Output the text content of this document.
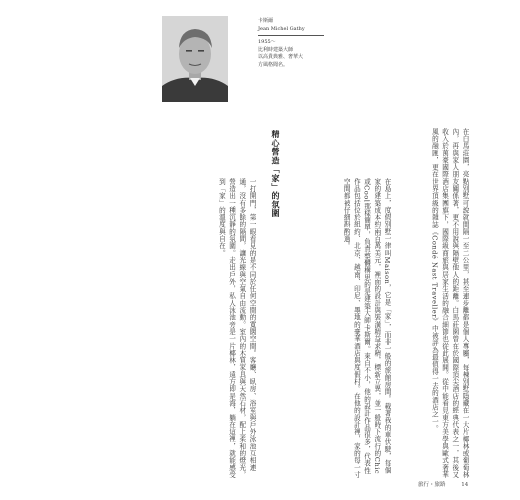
卡斯爾
Jean Michel Gathy
1955～
比利時建築大師
以高貴典雅、奢華大
方風格聞名。

在白馬莊園，亮點別墅可說就間隔一至二公里，甚至連步離都是個人專屬，每棟別墅隱藏在一大片椰林或葡萄林內，再與家人朋友關係著，更不用說與隔壁他人的距離。白馬莊園曾在於國際頂尖酒店的經典代表之一，其後又收入於萬豪國際酒店集團旗下，國際級商旅與居家生活的融合細節也從此展開。從中能看見東方美學與歐式奢華風的融匯，更在世界頂級的雜誌《Condé Nast Traveller》中被評為最值得一去的酒店之一。

精心營造「家」的氛圍

在島上，度假別墅一律叫Maison，它是「家」，而非一般的旅館房間。載著我的車伏駛，每個家的建築成本約兩百萬美元，裡面的設計與裝潢精益求精，標新立異，並一般時下流行的Chic或Cool那樣簡單，負責整體構思的是建築大師卡斯爾。來自不小，他的設計作品很多，代表性作品包括位於紐約、北京、越南、印尼、墨地的豪華酒店與度假村。在他的設計裡，家的每一寸空間都被仔細斟酌過。

一打開門，第一眼看見的是不同於任何空間的寬闊空間。客廳、臥房、浴室與戶外泳池互相連通，沒有多餘的隔間，讓光線與空氣自由流動。室內的木質家具與天然石材，配上柔和的燈光，營造出一種沉靜的氛圍。走出戶外，私人泳池旁是一片椰林，遠方即是海，躺在這裡，就能感受到「家」的溫度與自在。

旅行・旅路	14
